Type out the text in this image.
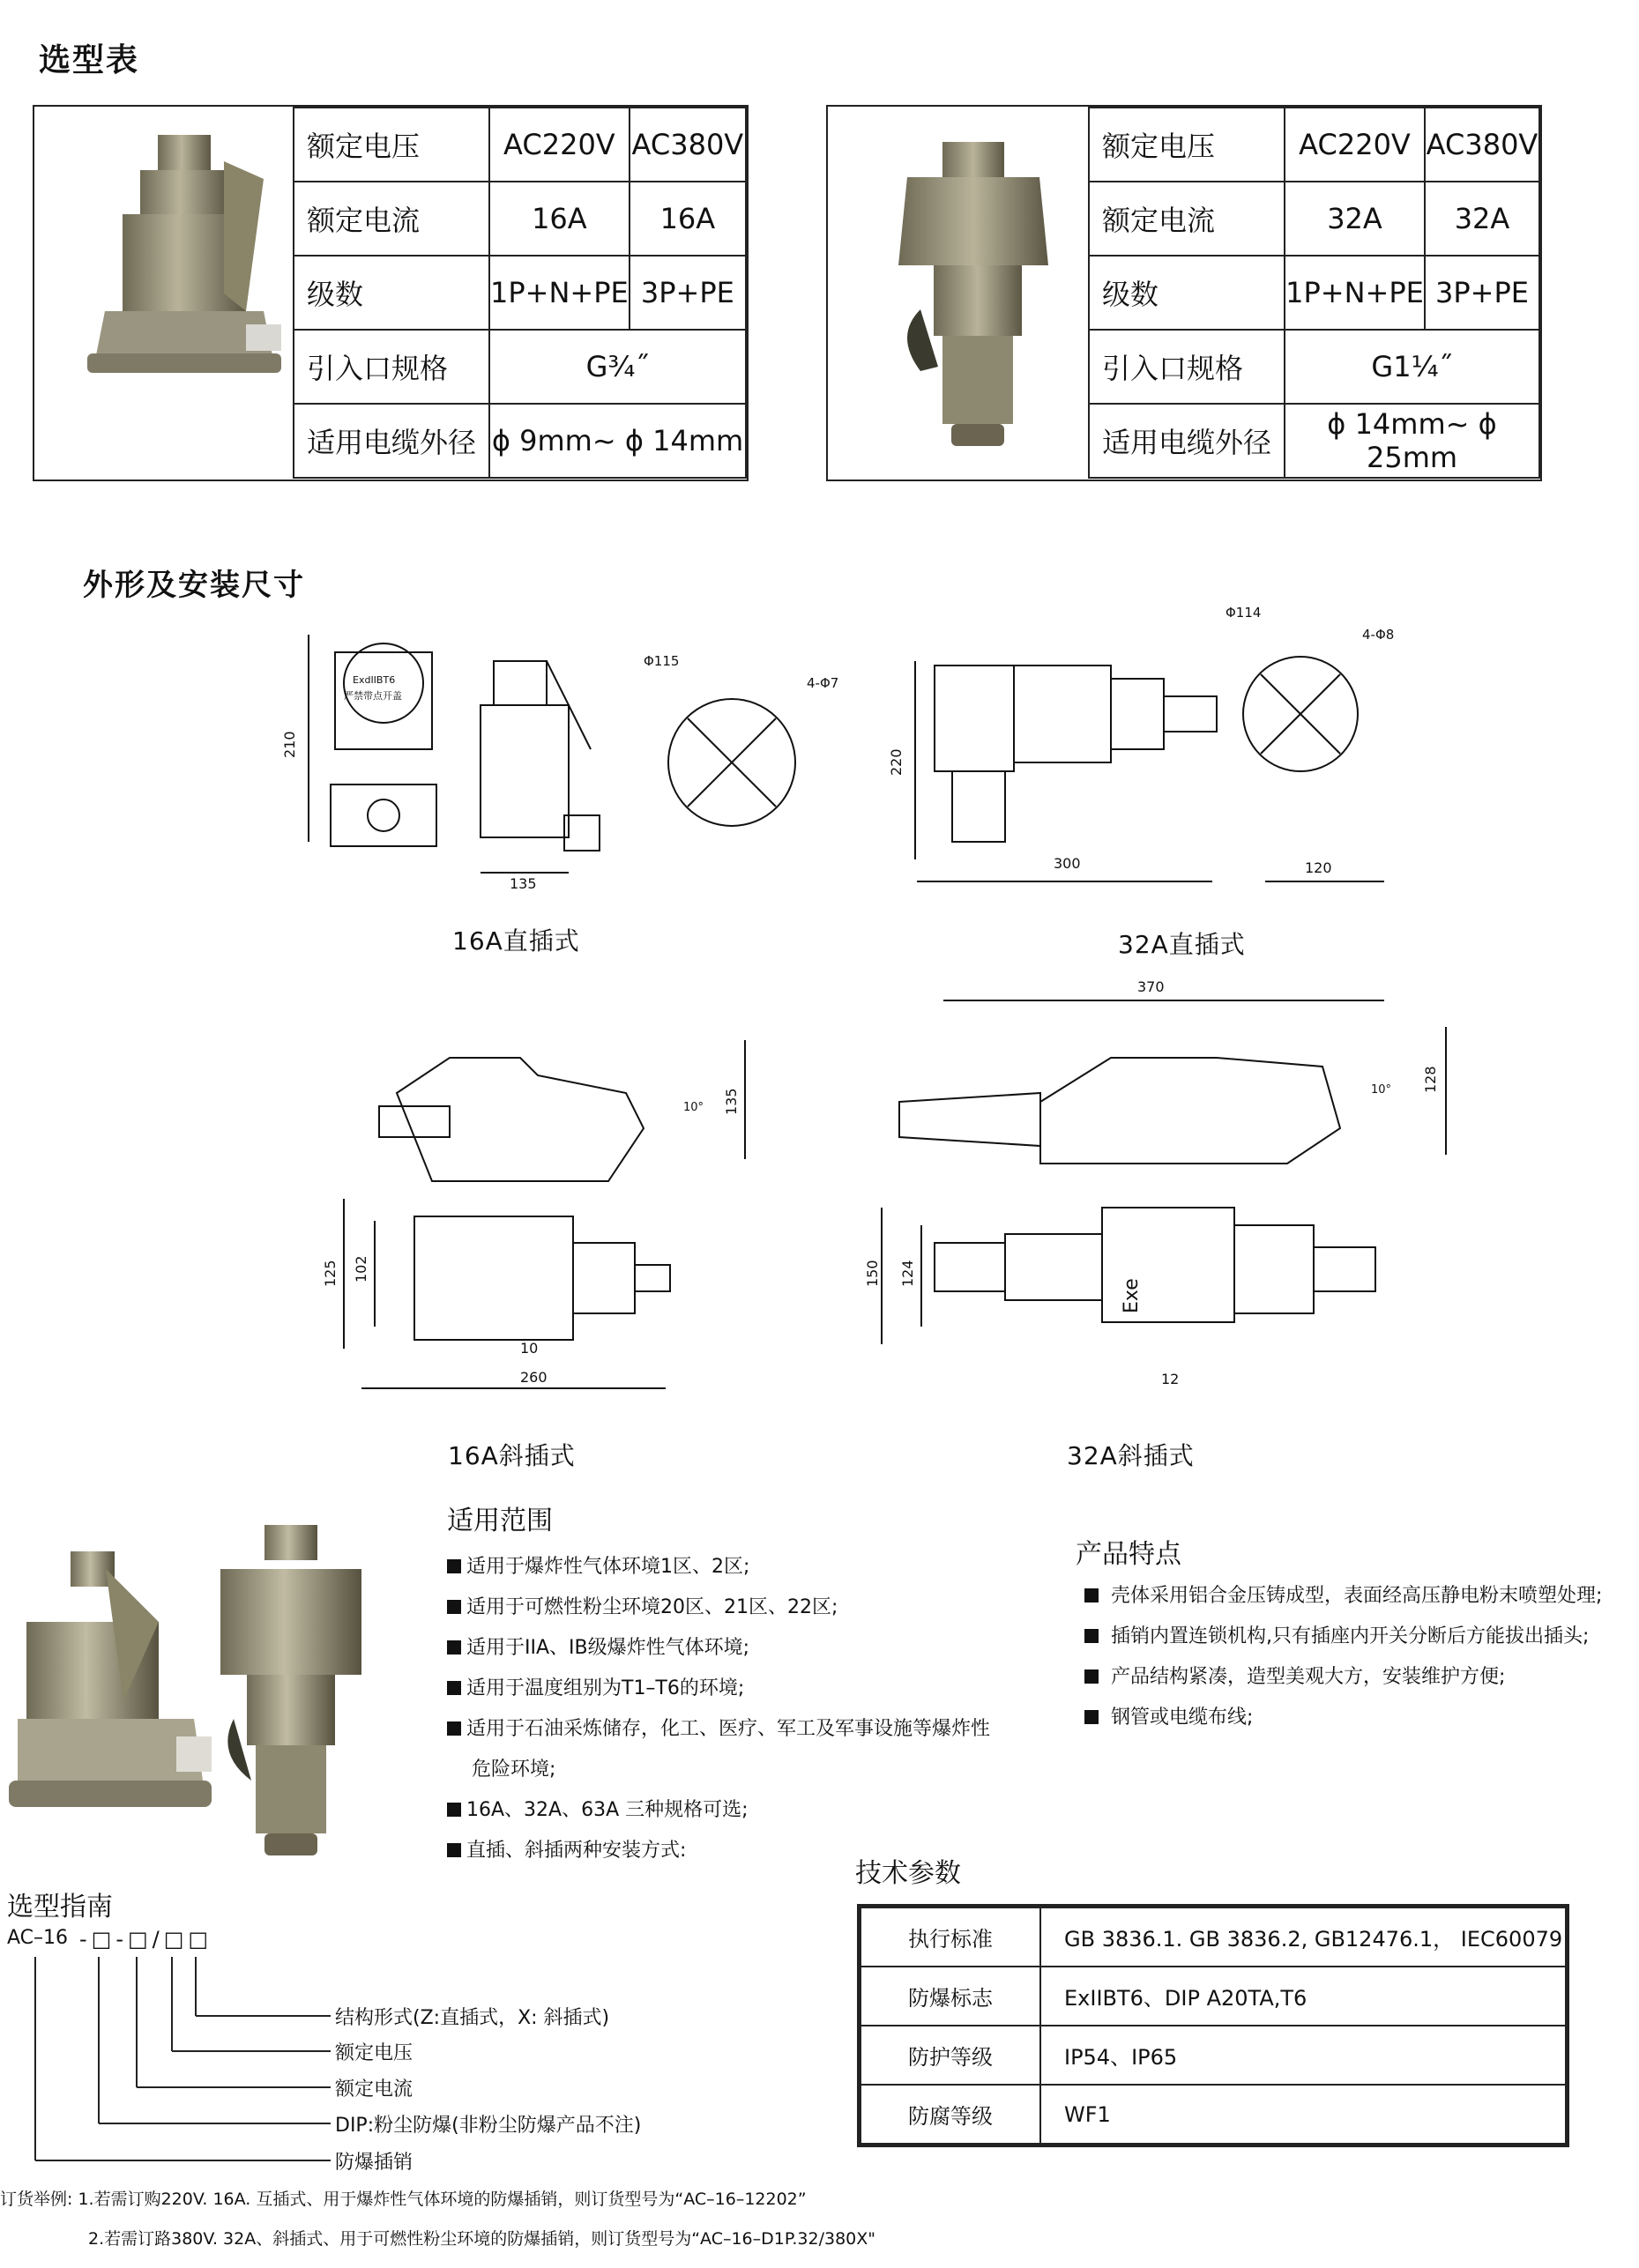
选型表
额定电压	AC220V	AC380V
额定电流	16A	16A
级数	1P+N+PE	3P+PE
引入口规格	G¾˝	
适用电缆外径	ϕ 9mm~ ϕ 14mm	
额定电压	AC220V	AC380V
额定电流	32A	32A
级数	1P+N+PE	3P+PE
引入口规格	G1¼˝	
适用电缆外径	ϕ 14mm~ ϕ 25mm	
外形及安装尺寸
210
ExdIIBT6
严禁带点开盖
135
Φ115
4-Φ7
16A直插式
220
300	120
Φ114
4-Φ8
32A直插式
135
10°
125 102
10
260
16A斜插式
370
128
10°
Exe
150 124
12
32A斜插式
适用范围
适用于爆炸性气体环境1区、2区;
适用于可燃性粉尘环境20区、21区、22区;
适用于IIA、IB级爆炸性气体环境;
适用于温度组别为T1–T6的环境;
适用于石油采炼储存，化工、医疗、军工及军事设施等爆炸性
危险环境;
16A、32A、63A 三种规格可选;
直插、斜插两种安装方式:
产品特点
壳体采用铝合金压铸成型，表面经高压静电粉末喷塑处理;
插销内置连锁机构,只有插座内开关分断后方能拔出插头;
产品结构紧凑，造型美观大方，安装维护方便;
钢管或电缆布线;
技术参数
执行标准	GB 3836.1. GB 3836.2, GB12476.1， IEC60079
防爆标志	ExIIBT6、DIP A20TA,T6
防护等级	IP54、IP65
防腐等级	WF1
选型指南
AC–16 -□-□/□□
结构形式(Z:直插式，X: 斜插式)
额定电压
额定电流
DIP:粉尘防爆(非粉尘防爆产品不注)
防爆插销
订货举例: 1.若需订购220V. 16A. 互插式、用于爆炸性气体环境的防爆插销，则订货型号为“AC–16–12202”
2.若需订路380V. 32A、斜插式、用于可燃性粉尘环境的防爆插销，则订货型号为“AC–16–D1P.32/380X"
